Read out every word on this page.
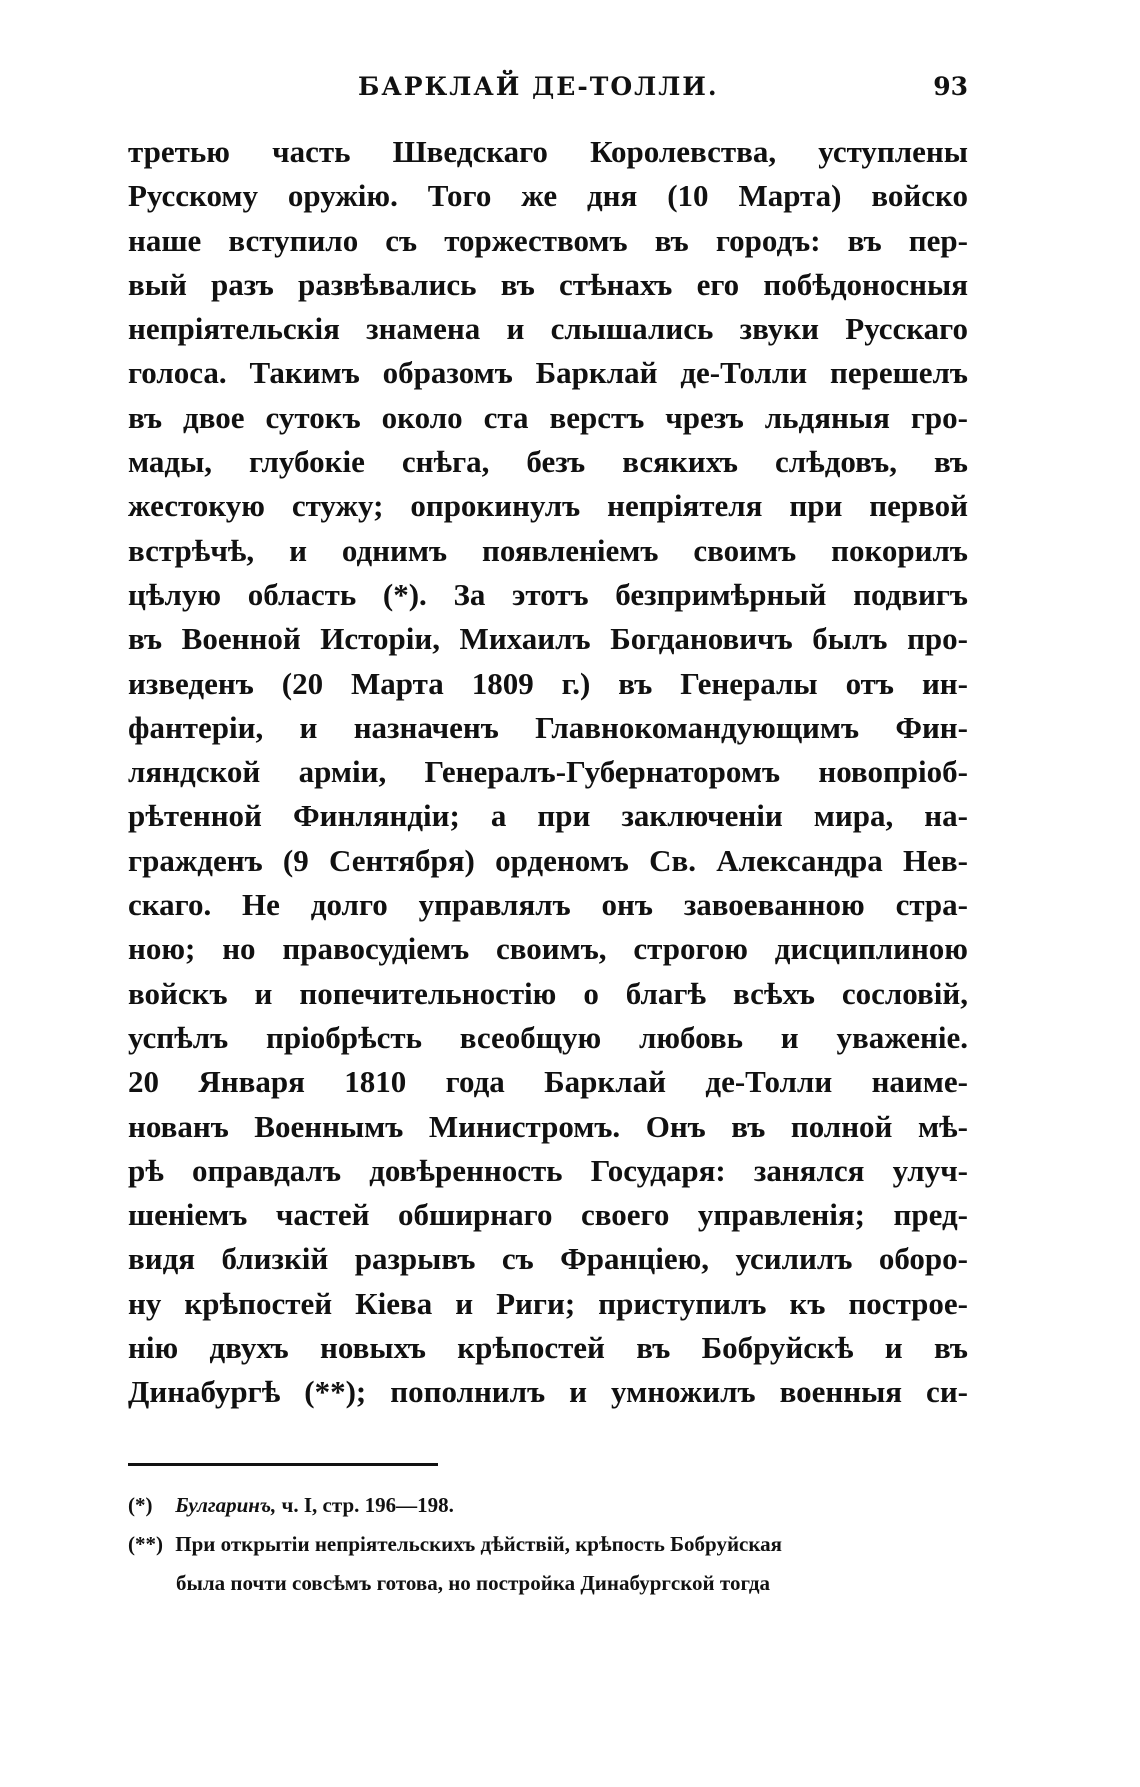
БАРКЛАЙ ДЕ-ТОЛЛИ.	93
третью часть Шведскаго Королевства, уступлены
Русскому оружію. Того же дня (10 Марта) войско
наше вступило съ торжествомъ въ городъ: въ пер-
вый разъ развѣвались въ стѣнахъ его побѣдоносныя
непріятельскія знамена и слышались звуки Русскаго
голоса. Такимъ образомъ Барклай де-Толли перешелъ
въ двое сутокъ около ста верстъ чрезъ льдяныя гро-
мады, глубокіе снѣга, безъ всякихъ слѣдовъ, въ
жестокую стужу; опрокинулъ непріятеля при первой
встрѣчѣ, и однимъ появленіемъ своимъ покорилъ
цѣлую область (*). За этотъ безпримѣрный подвигъ
въ Военной Исторіи, Михаилъ Богдановичъ былъ про-
изведенъ (20 Марта 1809 г.) въ Генералы отъ ин-
фантеріи, и назначенъ Главнокомандующимъ Фин-
ляндской арміи, Генералъ-Губернаторомъ новопріоб-
рѣтенной Финляндіи; а при заключеніи мира, на-
гражденъ (9 Сентября) орденомъ Св. Александра Нев-
скаго. Не долго управлялъ онъ завоеванною стра-
ною; но правосудіемъ своимъ, строгою дисциплиною
войскъ и попечительностію о благѣ всѣхъ сословій,
успѣлъ пріобрѣсть всеобщую любовь и уваженіе.
20 Января 1810 года Барклай де-Толли наиме-
нованъ Военнымъ Министромъ. Онъ въ полной мѣ-
рѣ оправдалъ довѣренность Государя: занялся улуч-
шеніемъ частей обширнаго своего управленія; пред-
видя близкій разрывъ съ Франціею, усилилъ оборо-
ну крѣпостей Кіева и Риги; приступилъ къ построе-
нію двухъ новыхъ крѣпостей въ Бобруйскѣ и въ
Динабургѣ (**); пополнилъ и умножилъ военныя си-
(*) Булгаринъ, ч. I, стр. 196—198.
(**) При открытіи непріятельскихъ дѣйствій, крѣпость Бобруйская
была почти совсѣмъ готова, но постройка Динабургской тогда
